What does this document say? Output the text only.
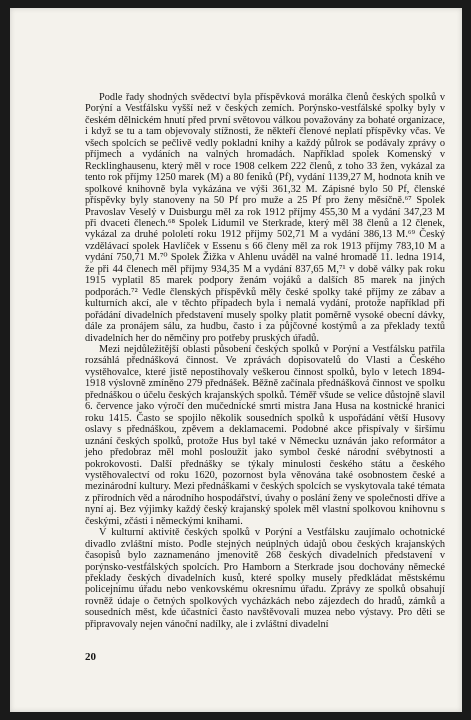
Podle řady shodných svědectví byla příspěvková morálka členů českých spolků v Porýní a Vestfálsku vyšší než v českých zemích. Porýnsko-vestfálské spolky byly v českém dělnickém hnutí před první světovou válkou považovány za bohaté organizace, i když se tu a tam objevovaly stížnosti, že někteří členové neplatí příspěvky včas. Ve všech spolcích se pečlivě vedly pokladní knihy a každý půlrok se podávaly zprávy o příjmech a vydáních na valných hromadách. Například spolek Komenský v Recklinghausenu, který měl v roce 1908 celkem 222 členů, z toho 33 žen, vykázal za tento rok příjmy 1250 marek (M) a 80 feniků (Pf), vydání 1139,27 M, hodnota knih ve spolkové knihovně byla vykázána ve výši 361,32 M. Zápisné bylo 50 Pf, členské příspěvky byly stanoveny na 50 Pf pro muže a 25 Pf pro ženy měsíčně.⁶⁷ Spolek Pravoslav Veselý v Duisburgu měl za rok 1912 příjmy 455,30 M a vydání 347,23 M při dvaceti členech.⁶⁸ Spolek Lidumil ve Sterkrade, který měl 38 členů a 12 členek, vykázal za druhé pololetí roku 1912 příjmy 502,71 M a vydání 386,13 M.⁶⁹ Český vzdělávací spolek Havlíček v Essenu s 66 členy měl za rok 1913 příjmy 783,10 M a vydání 750,71 M.⁷⁰ Spolek Žižka v Ahlenu uváděl na valné hromadě 11. ledna 1914, že při 44 členech měl příjmy 934,35 M a vydání 837,65 M,⁷¹ v době války pak roku 1915 vyplatil 85 marek podpory ženám vojáků a dalších 85 marek na jiných podporách.⁷² Vedle členských příspěvků měly české spolky také příjmy ze zábav a kulturních akcí, ale v těchto případech byla i nemalá vydání, protože například při pořádání divadelních představení musely spolky platit poměrně vysoké obecní dávky, dále za pronájem sálu, za hudbu, často i za půjčovné kostýmů a za překlady textů divadelních her do němčiny pro potřeby pruských úřadů.

Mezi nejdůležitější oblasti působení českých spolků v Porýní a Vestfálsku patřila rozsáhlá přednášková činnost. Ve zprávách dopisovatelů do Vlasti a Českého vystěhovalce, které jistě nepostihovaly veškerou činnost spolků, bylo v letech 1894-1918 výslovně zmíněno 279 přednášek. Běžně začínala přednášková činnost ve spolku přednáškou o účelu českých krajanských spolků. Téměř všude se velice důstojně slavil 6. července jako výročí den mučednické smrti mistra Jana Husa na kostnické hranici roku 1415. Často se spojilo několik sousedních spolků k uspořádání větší Husovy oslavy s přednáškou, zpěvem a deklamacemi. Podobné akce přispívaly v širšímu uznání českých spolků, protože Hus byl také v Německu uznáván jako reformátor a jeho předobraz měl mohl posloužit jako symbol české národní svébytnosti a pokrokovosti. Další přednášky se týkaly minulosti českého státu a českého vystěhovalectví od roku 1620, pozornost byla věnována také osobnostem české a mezinárodní kultury. Mezi přednáškami v českých spolcích se vyskytovala také témata z přírodních věd a národního hospodářství, úvahy o poslání ženy ve společnosti dříve a nyní aj. Bez výjimky každý český krajanský spolek měl vlastní spolkovou knihovnu s českými, zčásti i německými knihami.

V kulturní aktivitě českých spolků v Porýní a Vestfálsku zaujímalo ochotnické divadlo zvláštní místo. Podle stejných neúplných údajů obou českých krajanských časopisů bylo zaznamenáno jmenovitě 268 českých divadelních představení v porýnsko-vestfálských spolcích. Pro Hamborn a Sterkrade jsou dochovány německé překlady českých divadelních kusů, které spolky musely předkládat městskému policejnímu úřadu nebo venkovskému okresnímu úřadu. Zprávy ze spolků obsahují rovněž údaje o četných spolkových vycházkách nebo zájezdech do hradů, zámků a sousedních měst, kde účastníci často navštěvovali muzea nebo výstavy. Pro děti se připravovaly nejen vánoční nadílky, ale i zvláštní divadelní

20
